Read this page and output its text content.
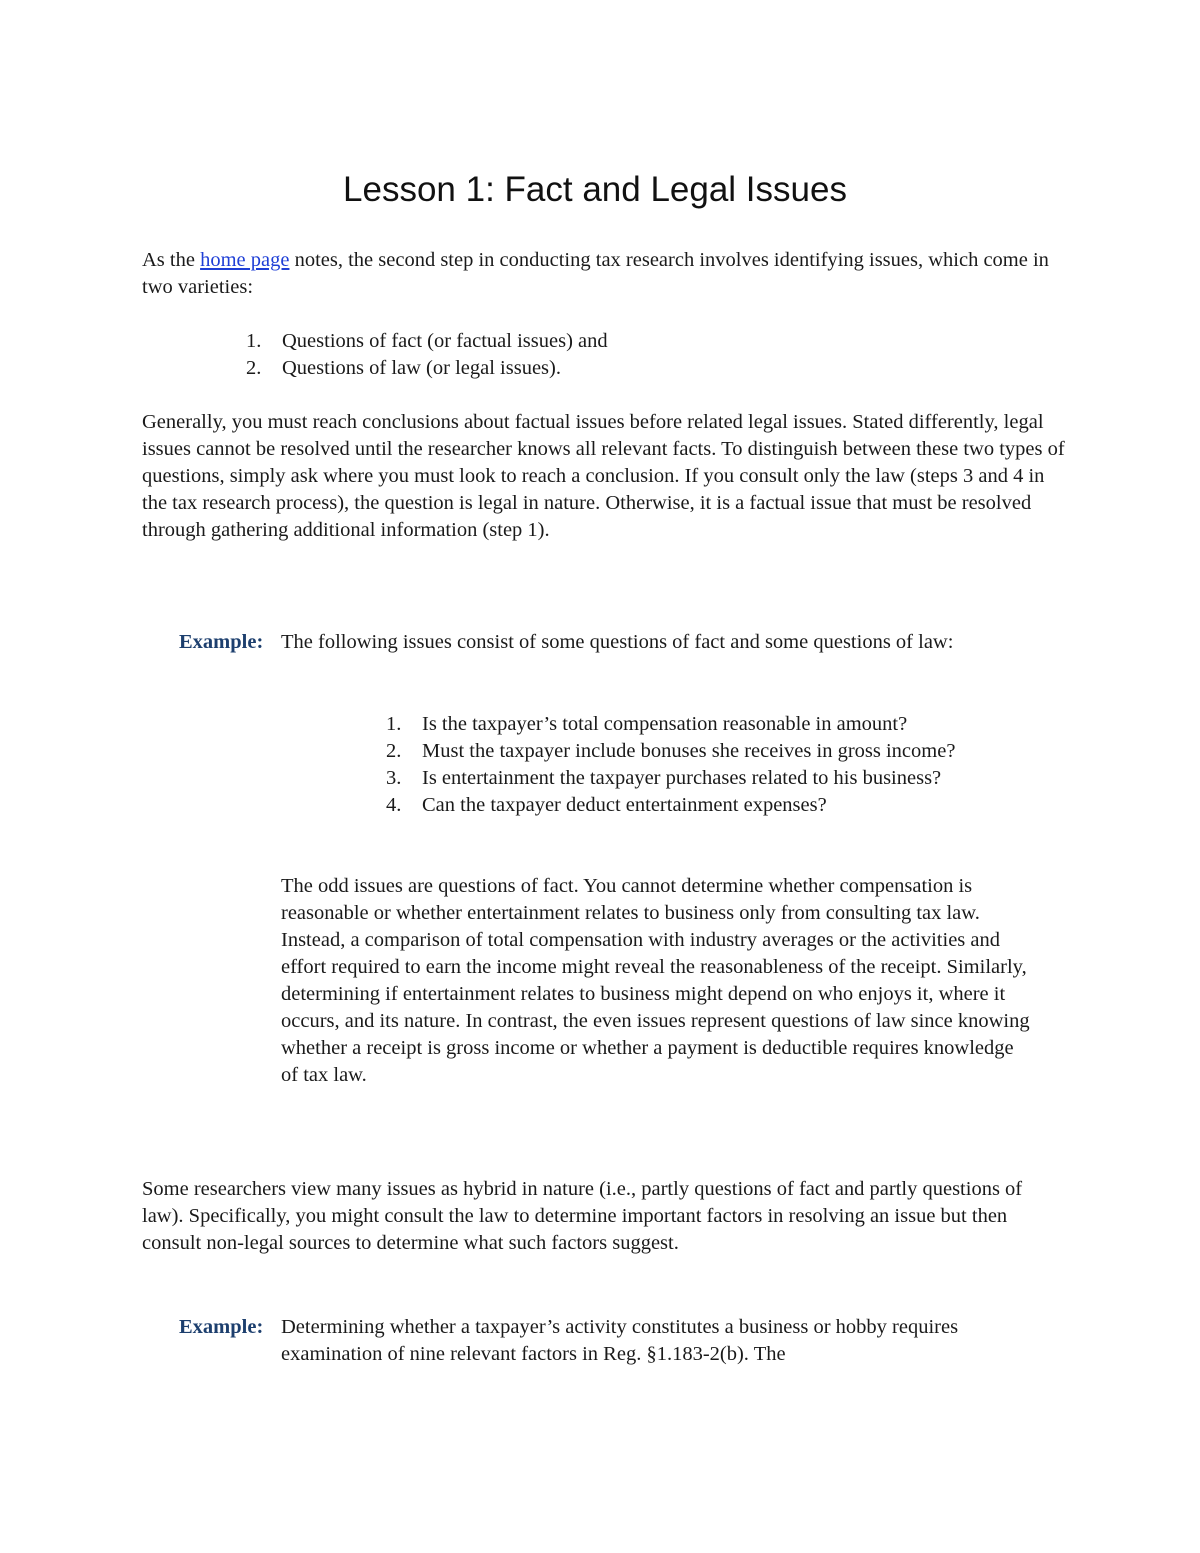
Lesson 1: Fact and Legal Issues

As the home page notes, the second step in conducting tax research involves identifying issues, which come in two varieties:

1.	Questions of fact (or factual issues) and
2.	Questions of law (or legal issues).

Generally, you must reach conclusions about factual issues before related legal issues. Stated differently, legal issues cannot be resolved until the researcher knows all relevant facts. To distinguish between these two types of questions, simply ask where you must look to reach a conclusion. If you consult only the law (steps 3 and 4 in the tax research process), the question is legal in nature. Otherwise, it is a factual issue that must be resolved through gathering additional information (step 1).

Example: The following issues consist of some questions of fact and some questions of law:

1.	Is the taxpayer’s total compensation reasonable in amount?
2.	Must the taxpayer include bonuses she receives in gross income?
3.	Is entertainment the taxpayer purchases related to his business?
4.	Can the taxpayer deduct entertainment expenses?

The odd issues are questions of fact. You cannot determine whether compensation is reasonable or whether entertainment relates to business only from consulting tax law. Instead, a comparison of total compensation with industry averages or the activities and effort required to earn the income might reveal the reasonableness of the receipt. Similarly, determining if entertainment relates to business might depend on who enjoys it, where it occurs, and its nature. In contrast, the even issues represent questions of law since knowing whether a receipt is gross income or whether a payment is deductible requires knowledge of tax law.

Some researchers view many issues as hybrid in nature (i.e., partly questions of fact and partly questions of law). Specifically, you might consult the law to determine important factors in resolving an issue but then consult non-legal sources to determine what such factors suggest.

Example: Determining whether a taxpayer’s activity constitutes a business or hobby requires examination of nine relevant factors in Reg. §1.183-2(b). The
